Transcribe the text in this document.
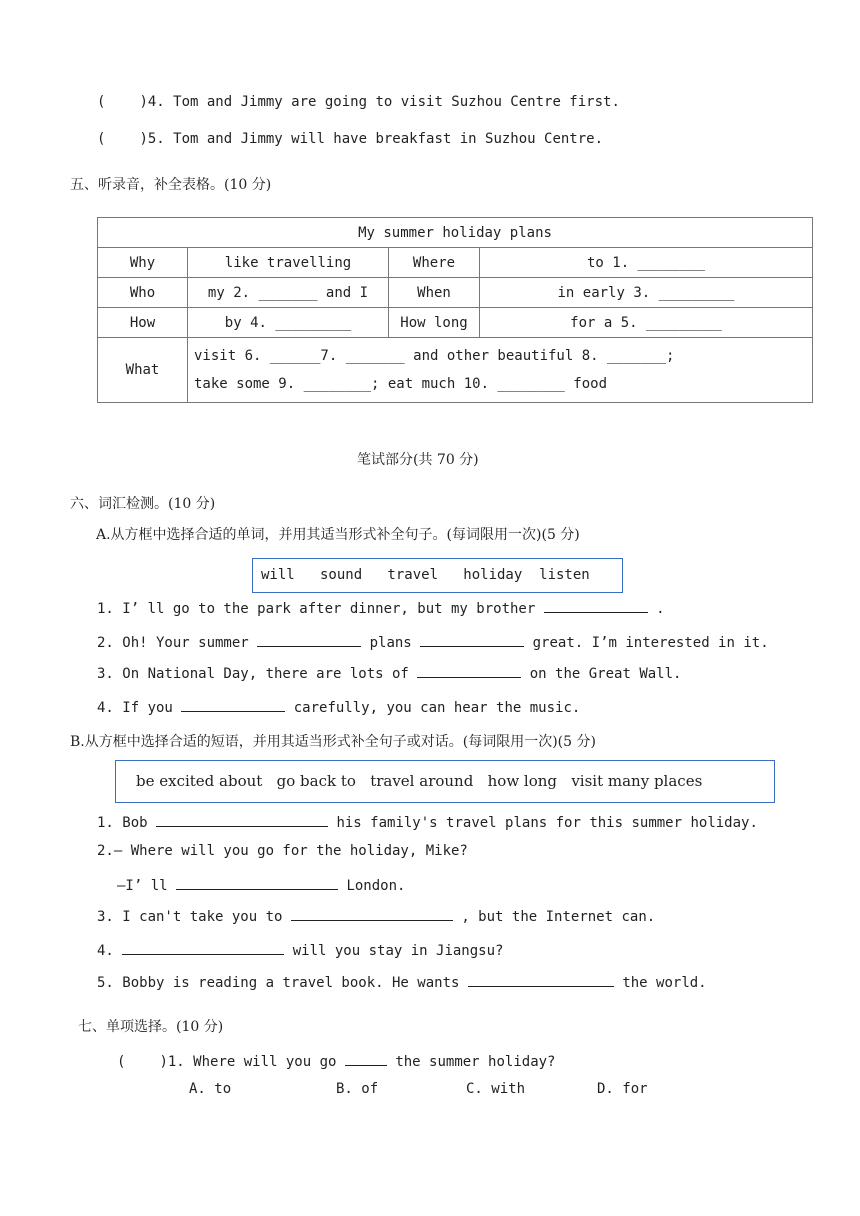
( )4. Tom and Jimmy are going to visit Suzhou Centre first.
( )5. Tom and Jimmy will have breakfast in Suzhou Centre.
五、听录音，补全表格。(10 分)
My summer holiday plans			
Why	like travelling	Where	to 1. ________
Who	my 2. _______ and I	When	in early 3. _________
How	by 4. _________	How long	for a 5. _________
What	visit 6. ______7. _______ and other beautiful 8. _______;
take some 9. ________; eat much 10. ________ food		
笔试部分(共 70 分)
六、词汇检测。(10 分)
A.从方框中选择合适的单词，并用其适当形式补全句子。(每词限用一次)(5 分)
will   sound   travel   holiday  listen
1. I’ ll go to the park after dinner, but my brother	.
2. Oh! Your summer	plans	great. I’m interested in it.
3. On National Day, there are lots of	on the Great Wall.
4. If you	carefully, you can hear the music.
B.从方框中选择合适的短语，并用其适当形式补全句子或对话。(每词限用一次)(5 分)
be excited about   go back to   travel around   how long   visit many places
1. Bob	his family's travel plans for this summer holiday.
2.— Where will you go for the holiday, Mike?
—I’ ll	London.
3. I can't take you to	, but the Internet can.
4.	will you stay in Jiangsu?
5. Bobby is reading a travel book. He wants	the world.
七、单项选择。(10 分)
( )1. Where will you go	the summer holiday?
A. to	B. of	C. with	D. for
